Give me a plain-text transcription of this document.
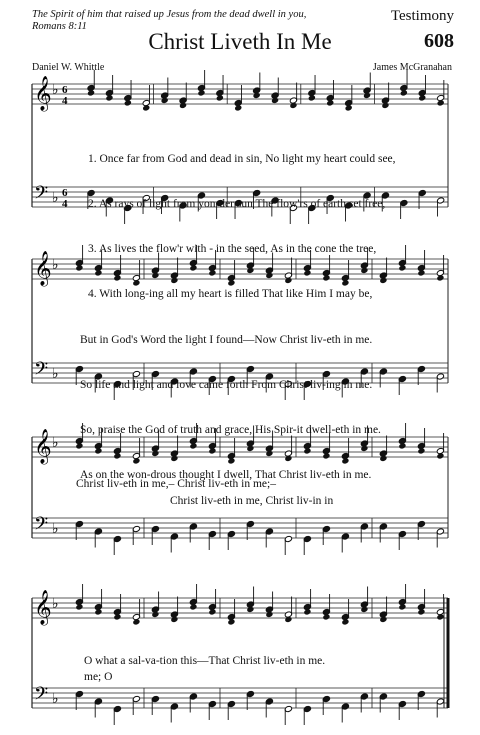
The Spirit of him that raised up Jesus from the dead dwell in you,
Romans 8:11
Testimony
Christ Liveth In Me	608
Daniel W. Whittle	James McGranahan
𝄞 ♭
𝄢 ♭
6
4
6
4
𝄞 ♭
𝄢 ♭
𝄞 ♭
𝄢 ♭
𝄞 ♭
𝄢 ♭

1. Once far from God and dead in sin, No light my heart could see,

2. As rays of light from yon-der sun The flow'rs of earth set free,

3. As lives the flow'r with - in the seed, As in the cone the tree,

4. With long-ing all my heart is filled That like Him I may be,

But in God's Word the light I found—Now Christ liv-eth in me.

So life and light and love came forth From Christ liv-ing in me.

So, praise the God of truth and grace, His Spir-it dwell-eth in me.

As on the won-drous thought I dwell, That Christ liv-eth in me.

Christ liv-eth in me,– Christ liv-eth in me;–
Christ liv-eth in me, Christ liv-in in
O what a sal-va-tion this—That Christ liv-eth in me.
me; O
